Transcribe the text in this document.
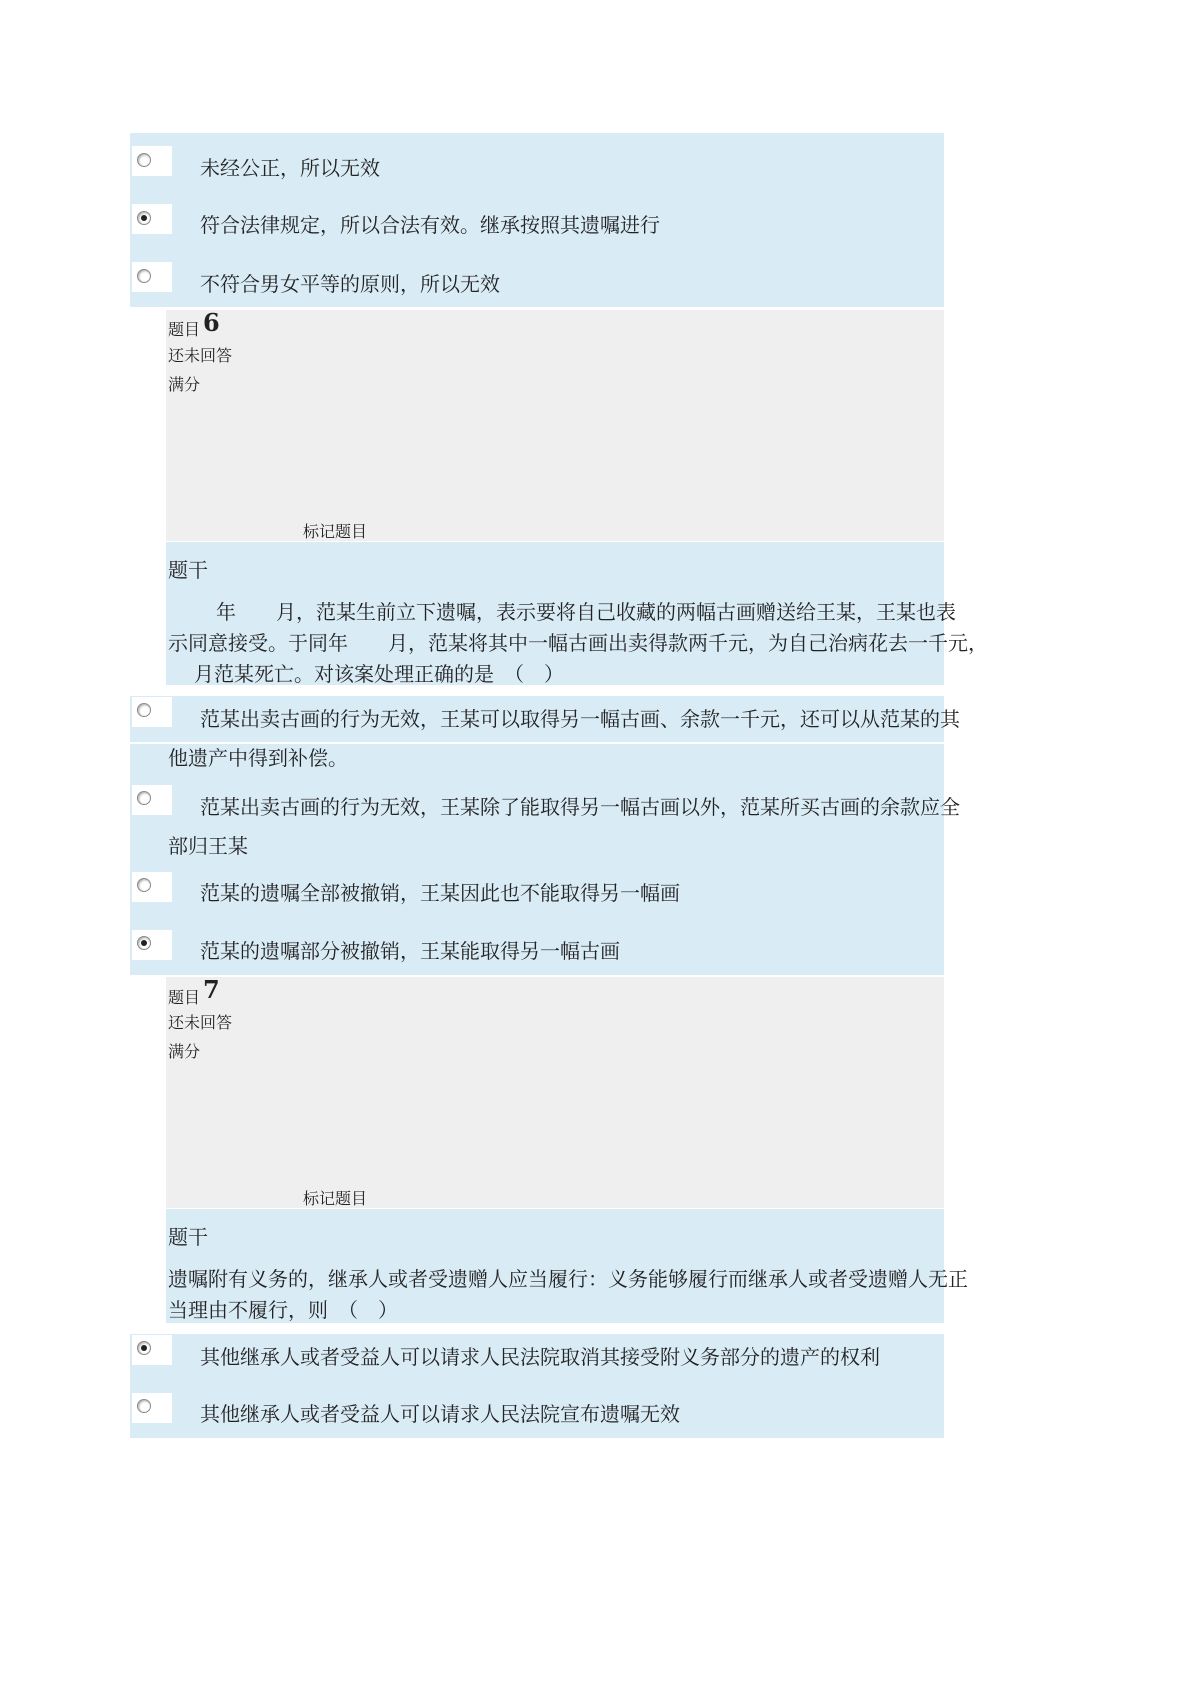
未经公正，所以无效
符合法律规定，所以合法有效。继承按照其遗嘱进行
不符合男女平等的原则，所以无效
题目 6
还未回答
满分
标记题目
题干
年　　月，范某生前立下遗嘱，表示要将自己收藏的两幅古画赠送给王某，王某也表
示同意接受。于同年　　月，范某将其中一幅古画出卖得款两千元，为自己治病花去一千元，
月范某死亡。对该案处理正确的是　（　）
范某出卖古画的行为无效，王某可以取得另一幅古画、余款一千元，还可以从范某的其
他遗产中得到补偿。
范某出卖古画的行为无效，王某除了能取得另一幅古画以外，范某所买古画的余款应全
部归王某
范某的遗嘱全部被撤销，王某因此也不能取得另一幅画
范某的遗嘱部分被撤销，王某能取得另一幅古画
题目 7
还未回答
满分
标记题目
题干
遗嘱附有义务的，继承人或者受遗赠人应当履行：义务能够履行而继承人或者受遗赠人无正
当理由不履行，则　（　）
其他继承人或者受益人可以请求人民法院取消其接受附义务部分的遗产的权利
其他继承人或者受益人可以请求人民法院宣布遗嘱无效
